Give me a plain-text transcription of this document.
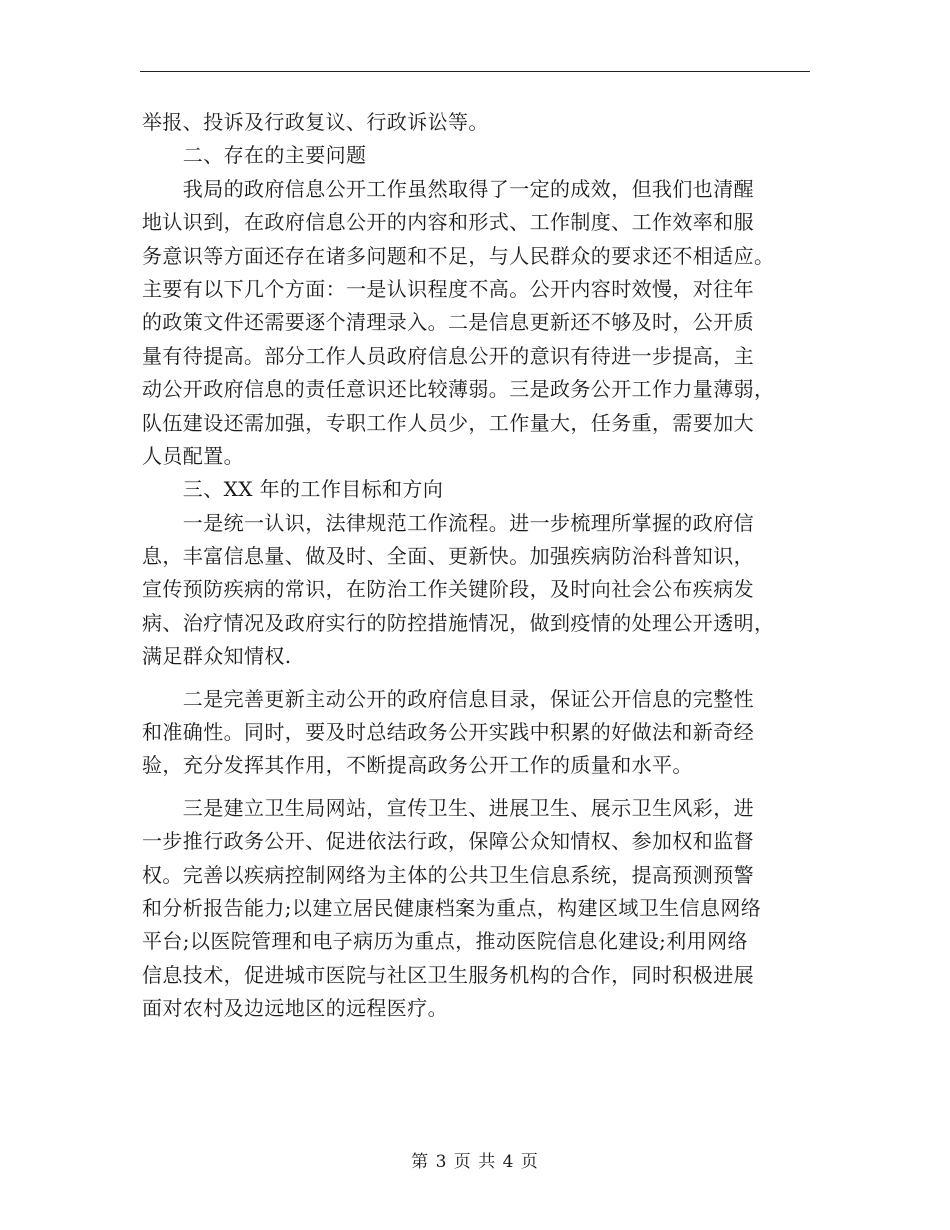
举报、投诉及行政复议、行政诉讼等。
　　二、存在的主要问题
　　我局的政府信息公开工作虽然取得了一定的成效，但我们也清醒
地认识到，在政府信息公开的内容和形式、工作制度、工作效率和服
务意识等方面还存在诸多问题和不足，与人民群众的要求还不相适应。
主要有以下几个方面：一是认识程度不高。公开内容时效慢，对往年
的政策文件还需要逐个清理录入。二是信息更新还不够及时，公开质
量有待提高。部分工作人员政府信息公开的意识有待进一步提高，主
动公开政府信息的责任意识还比较薄弱。三是政务公开工作力量薄弱，
队伍建设还需加强，专职工作人员少，工作量大，任务重，需要加大
人员配置。
　　三、XX 年的工作目标和方向
　　一是统一认识，法律规范工作流程。进一步梳理所掌握的政府信
息，丰富信息量、做及时、全面、更新快。加强疾病防治科普知识，
宣传预防疾病的常识，在防治工作关键阶段，及时向社会公布疾病发
病、治疗情况及政府实行的防控措施情况，做到疫情的处理公开透明，
满足群众知情权.
　　二是完善更新主动公开的政府信息目录，保证公开信息的完整性
和准确性。同时，要及时总结政务公开实践中积累的好做法和新奇经
验，充分发挥其作用，不断提高政务公开工作的质量和水平。
　　三是建立卫生局网站，宣传卫生、进展卫生、展示卫生风彩，进
一步推行政务公开、促进依法行政，保障公众知情权、参加权和监督
权。完善以疾病控制网络为主体的公共卫生信息系统，提高预测预警
和分析报告能力;以建立居民健康档案为重点，构建区域卫生信息网络
平台;以医院管理和电子病历为重点，推动医院信息化建设;利用网络
信息技术，促进城市医院与社区卫生服务机构的合作，同时积极进展
面对农村及边远地区的远程医疗。
第 3 页 共 4 页
